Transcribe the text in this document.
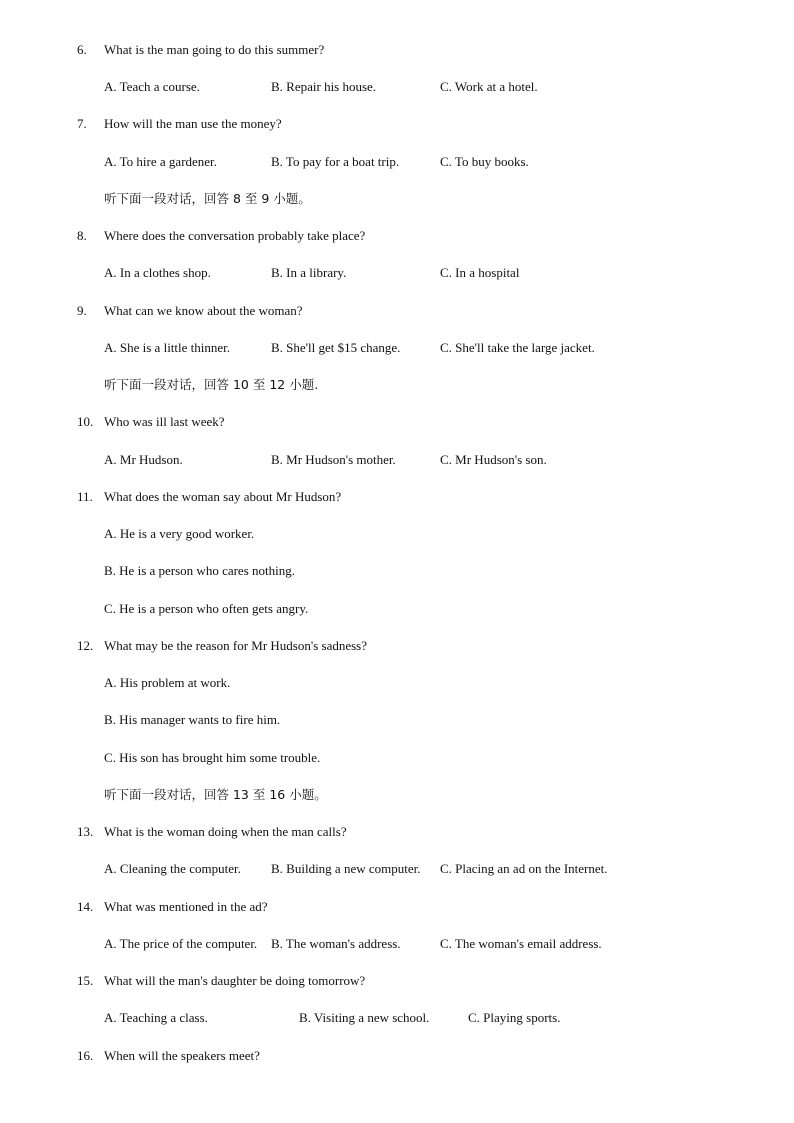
6. What is the man going to do this summer?
A. Teach a course.	B. Repair his house.	C. Work at a hotel.
7. How will the man use the money?
A. To hire a gardener.	B. To pay for a boat trip.	C. To buy books.
听下面一段对话，回答 8 至 9 小题。
8. Where does the conversation probably take place?
A. In a clothes shop.	B. In a library.	C. In a hospital
9. What can we know about the woman?
A. She is a little thinner.	B. She'll get $15 change.	C. She'll take the large jacket.
听下面一段对话，回答 10 至 12 小题.
10. Who was ill last week?
A. Mr Hudson.	B. Mr Hudson's mother.	C. Mr Hudson's son.
11. What does the woman say about Mr Hudson?
A. He is a very good worker.
B. He is a person who cares nothing.
C. He is a person who often gets angry.
12. What may be the reason for Mr Hudson's sadness?
A. His problem at work.
B. His manager wants to fire him.
C. His son has brought him some trouble.
听下面一段对话，回答 13 至 16 小题。
13. What is the woman doing when the man calls?
A. Cleaning the computer. B. Building a new computer. C. Placing an ad on the Internet.
14. What was mentioned in the ad?
A. The price of the computer. B. The woman's address.	C. The woman's email address.
15. What will the man's daughter be doing tomorrow?
A. Teaching a class.	B. Visiting a new school.	C. Playing sports.
16. When will the speakers meet?
